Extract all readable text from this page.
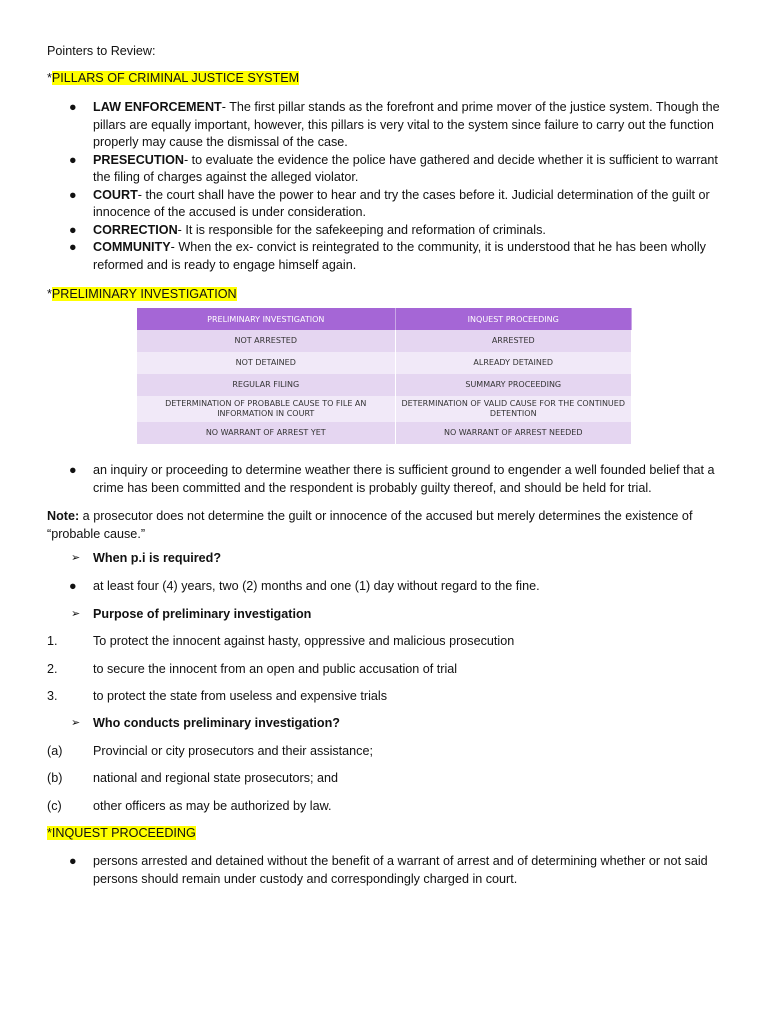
Pointers to Review:
*PILLARS OF CRIMINAL JUSTICE SYSTEM

● LAW ENFORCEMENT- The first pillar stands as the forefront and prime mover of the justice system. Though the pillars are equally important, however, this pillars is very vital to the system since failure to carry out the function properly may cause the dismissal of the case.

● PRESECUTION- to evaluate the evidence the police have gathered and decide whether it is sufficient to warrant the filing of charges against the alleged violator.

● COURT- the court shall have the power to hear and try the cases before it. Judicial determination of the guilt or innocence of the accused is under consideration.

● CORRECTION- It is responsible for the safekeeping and reformation of criminals.

● COMMUNITY- When the ex- convict is reintegrated to the community, it is understood that he has been wholly reformed and is ready to engage himself again.

*PRELIMINARY INVESTIGATION
PRELIMINARY INVESTIGATION	INQUEST PROCEEDING
NOT ARRESTED	ARRESTED
NOT DETAINED	ALREADY DETAINED
REGULAR FILING	SUMMARY PROCEEDING
DETERMINATION OF PROBABLE CAUSE TO FILE AN INFORMATION IN COURT	DETERMINATION OF VALID CAUSE FOR THE CONTINUED DETENTION
NO WARRANT OF ARREST YET	NO WARRANT OF ARREST NEEDED

● an inquiry or proceeding to determine weather there is sufficient ground to engender a well founded belief that a crime has been committed and the respondent is probably guilty thereof, and should be held for trial.

Note: a prosecutor does not determine the guilt or innocence of the accused but merely determines the existence of “probable cause.”
➢ When p.i is required?
● at least four (4) years, two (2) months and one (1) day without regard to the fine.
➢ Purpose of preliminary investigation
1.	To protect the innocent against hasty, oppressive and malicious prosecution
2.	to secure the innocent from an open and public accusation of trial
3.	to protect the state from useless and expensive trials
➢ Who conducts preliminary investigation?
(a)	Provincial or city prosecutors and their assistance;
(b)	national and regional state prosecutors; and
(c)	other officers as may be authorized by law.
*INQUEST PROCEEDING

● persons arrested and detained without the benefit of a warrant of arrest and of determining whether or not said persons should remain under custody and correspondingly charged in court.
